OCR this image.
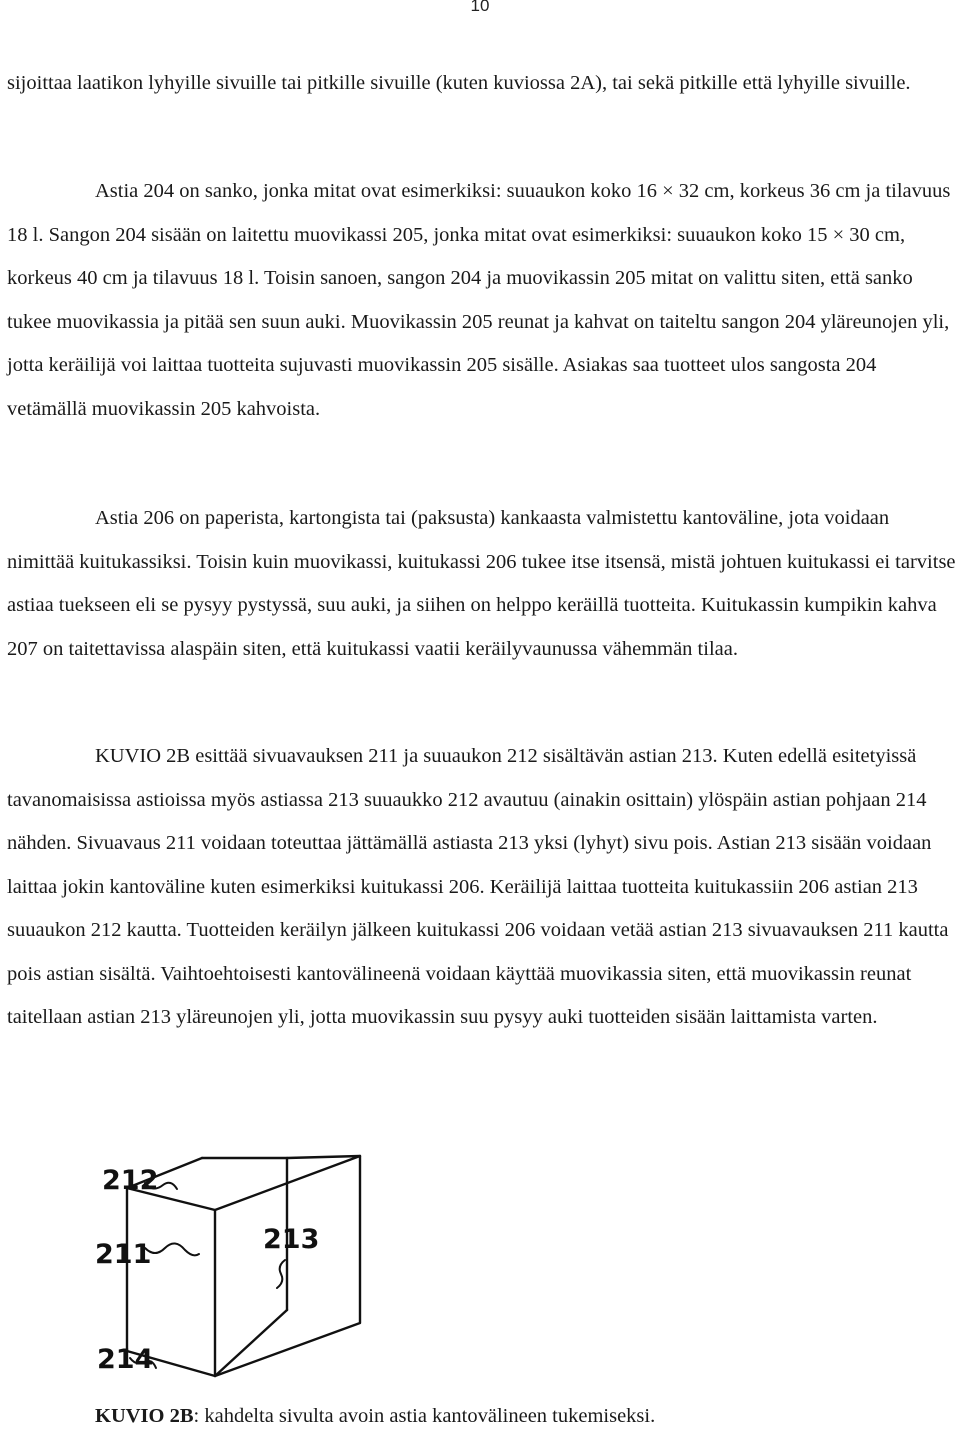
10

sijoittaa laatikon lyhyille sivuille tai pitkille sivuille (kuten kuviossa 2A), tai sekä pitkille että lyhyille sivuille.

Astia 204 on sanko, jonka mitat ovat esimerkiksi: suuaukon koko 16 × 32 cm, korkeus 36 cm ja tilavuus 18 l. Sangon 204 sisään on laitettu muovikassi 205, jonka mitat ovat esimerkiksi: suuaukon koko 15 × 30 cm, korkeus 40 cm ja tilavuus 18 l. Toisin sanoen, sangon 204 ja muovikassin 205 mitat on valittu siten, että sanko tukee muovikassia ja pitää sen suun auki. Muovikassin 205 reunat ja kahvat on taiteltu sangon 204 yläreunojen yli, jotta keräilijä voi laittaa tuotteita sujuvasti muovikassin 205 sisälle. Asiakas saa tuotteet ulos sangosta 204 vetämällä muovikassin 205 kahvoista.

Astia 206 on paperista, kartongista tai (paksusta) kankaasta valmistettu kantoväline, jota voidaan nimittää kuitukassiksi. Toisin kuin muovikassi, kuitukassi 206 tukee itse itsensä, mistä johtuen kuitukassi ei tarvitse astiaa tuekseen eli se pysyy pystyssä, suu auki, ja siihen on helppo keräillä tuotteita. Kuitukassin kumpikin kahva 207 on taitettavissa alaspäin siten, että kuitukassi vaatii keräilyvaunussa vähemmän tilaa.

KUVIO 2B esittää sivuavauksen 211 ja suuaukon 212 sisältävän astian 213. Kuten edellä esitetyissä tavanomaisissa astioissa myös astiassa 213 suuaukko 212 avautuu (ainakin osittain) ylöspäin astian pohjaan 214 nähden. Sivuavaus 211 voidaan toteuttaa jättämällä astiasta 213 yksi (lyhyt) sivu pois. Astian 213 sisään voidaan laittaa jokin kantoväline kuten esimerkiksi kuitukassi 206. Keräilijä laittaa tuotteita kuitukassiin 206 astian 213 suuaukon 212 kautta. Tuotteiden keräilyn jälkeen kuitukassi 206 voidaan vetää astian 213 sivuavauksen 211 kautta pois astian sisältä. Vaihtoehtoisesti kantovälineenä voidaan käyttää muovikassia siten, että muovikassin reunat taitellaan astian 213 yläreunojen yli, jotta muovikassin suu pysyy auki tuotteiden sisään laittamista varten.

212
211	213
214

KUVIO 2B: kahdelta sivulta avoin astia kantovälineen tukemiseksi.
